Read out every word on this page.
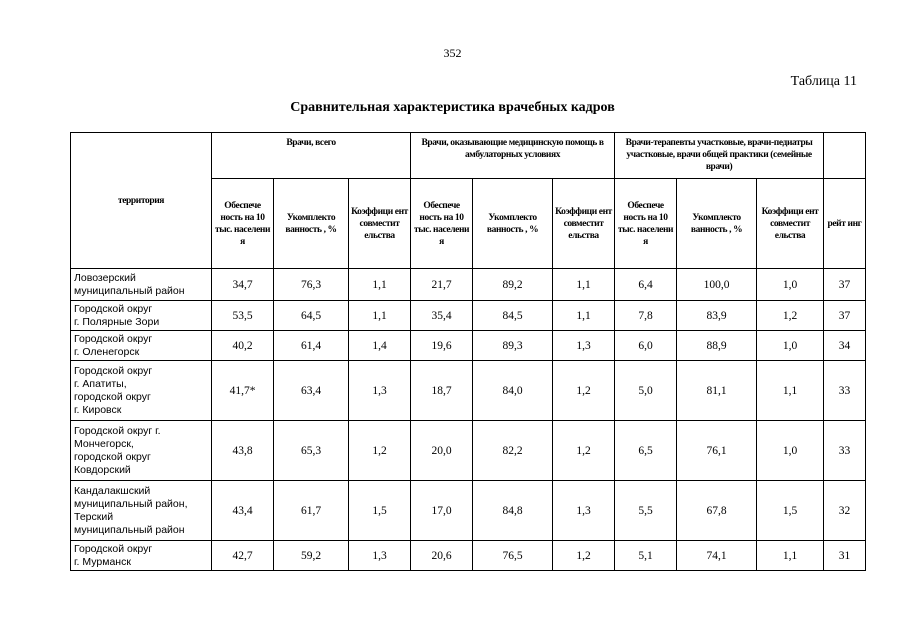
352
Таблица 11
Сравнительная характеристика врачебных кадров
территория	Врачи, всего			Врачи, оказывающие медицинскую помощь в амбулаторных условиях			Врачи-терапевты участковые, врачи-педиатры участковые, врачи общей практики (семейные врачи)			
	Обеспече ность на 10 тыс. населени я	Укомплекто ванность , %	Коэффици ент совместит ельства	Обеспече ность на 10 тыс. населени я	Укомплекто ванность , %	Коэффици ент совместит ельства	Обеспече ность на 10 тыс. населени я	Укомплекто ванность , %	Коэффици ент совместит ельства	рейт инг
Ловозерский
муниципальный район	34,7	76,3	1,1	21,7	89,2	1,1	6,4	100,0	1,0	37
Городской округ
г. Полярные Зори	53,5	64,5	1,1	35,4	84,5	1,1	7,8	83,9	1,2	37
Городской округ
г. Оленегорск	40,2	61,4	1,4	19,6	89,3	1,3	6,0	88,9	1,0	34
Городской округ
г. Апатиты,
городской округ
г. Кировск	41,7*	63,4	1,3	18,7	84,0	1,2	5,0	81,1	1,1	33
Городской округ г.
Мончегорск,
городской округ
Ковдорский	43,8	65,3	1,2	20,0	82,2	1,2	6,5	76,1	1,0	33
Кандалакшский
муниципальный район,
Терский
муниципальный район	43,4	61,7	1,5	17,0	84,8	1,3	5,5	67,8	1,5	32
Городской округ
г. Мурманск	42,7	59,2	1,3	20,6	76,5	1,2	5,1	74,1	1,1	31
